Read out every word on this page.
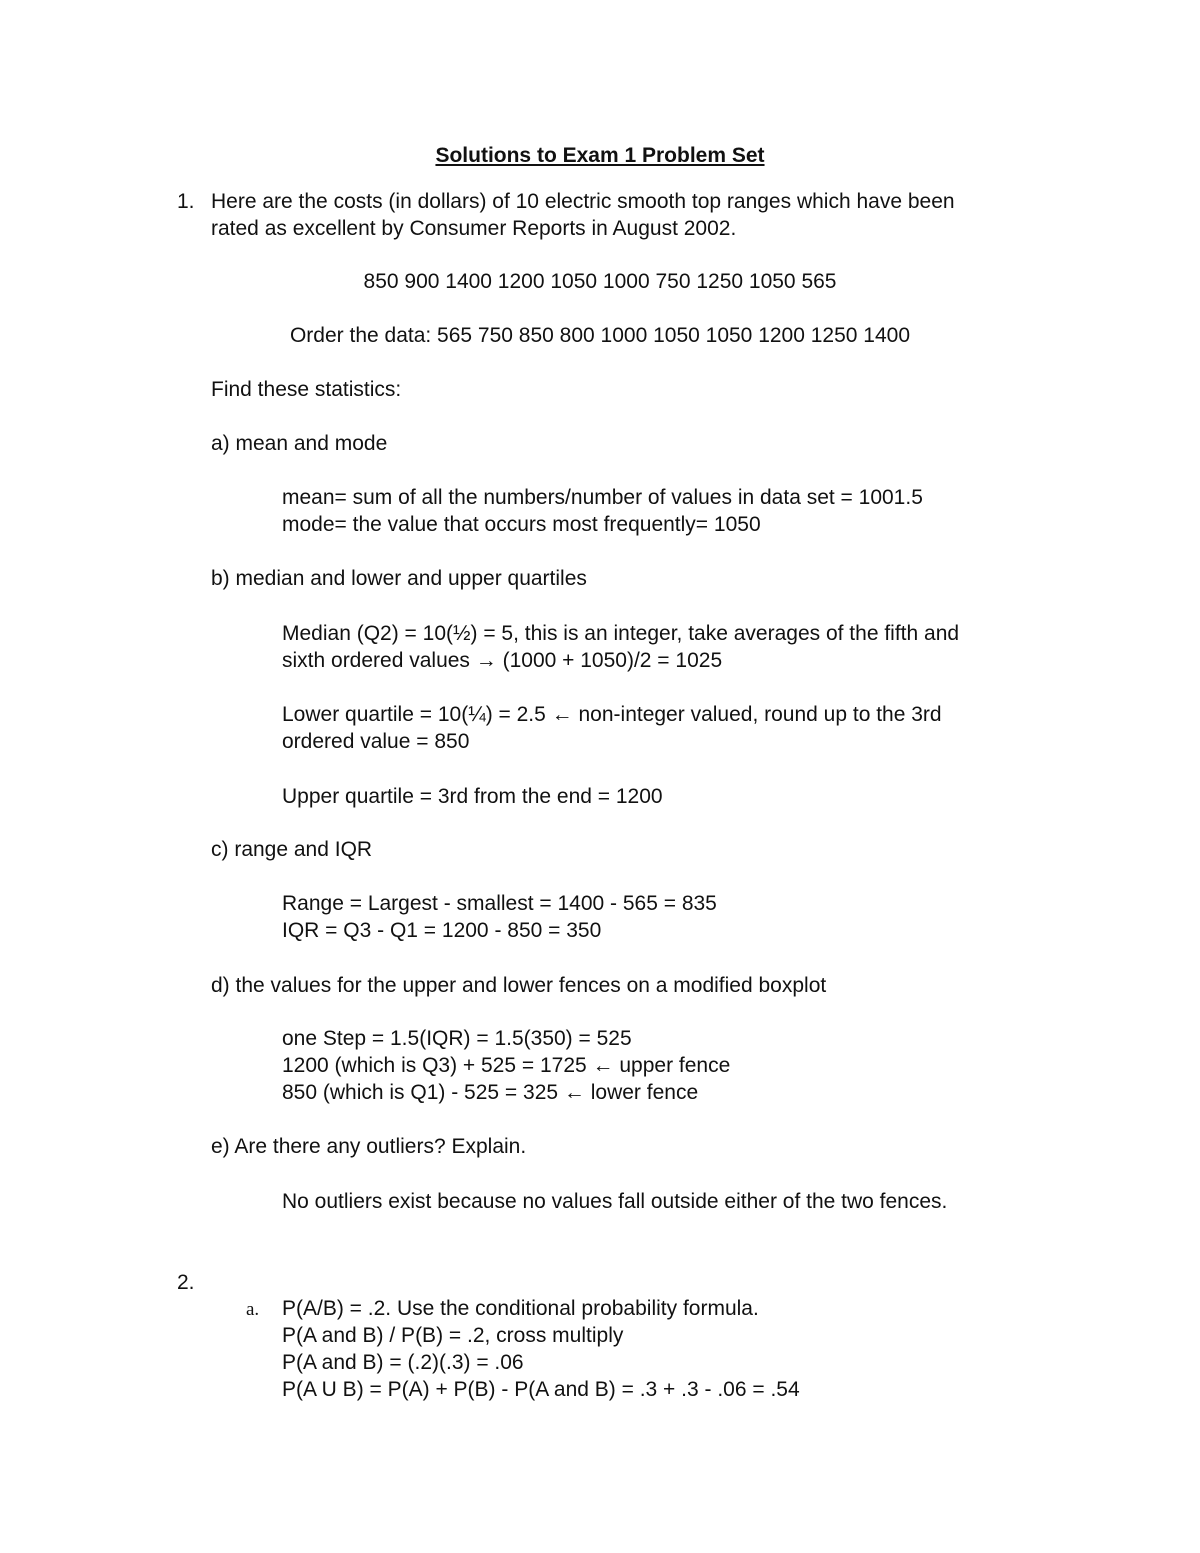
Solutions to Exam 1 Problem Set
1. Here are the costs (in dollars) of 10 electric smooth top ranges which have been
rated as excellent by Consumer Reports in August 2002.
850 900 1400 1200 1050 1000 750 1250 1050 565
Order the data: 565 750 850 800 1000 1050 1050 1200 1250 1400
Find these statistics:
a) mean and mode
mean= sum of all the numbers/number of values in data set = 1001.5
mode= the value that occurs most frequently= 1050
b) median and lower and upper quartiles
Median (Q2) = 10(½) = 5, this is an integer, take averages of the fifth and
sixth ordered values → (1000 + 1050)/2 = 1025
Lower quartile = 10(¼) = 2.5 ← non-integer valued, round up to the 3rd
ordered value = 850
Upper quartile = 3rd from the end = 1200
c) range and IQR
Range = Largest - smallest = 1400 - 565 = 835
IQR = Q3 - Q1 = 1200 - 850 = 350
d) the values for the upper and lower fences on a modified boxplot
one Step = 1.5(IQR) = 1.5(350) = 525
1200 (which is Q3) + 525 = 1725 ← upper fence
850 (which is Q1) - 525 = 325 ← lower fence
e) Are there any outliers? Explain.
No outliers exist because no values fall outside either of the two fences.
2.
a. P(A/B) = .2. Use the conditional probability formula.
P(A and B) / P(B) = .2, cross multiply
P(A and B) = (.2)(.3) = .06
P(A U B) = P(A) + P(B) - P(A and B) = .3 + .3 - .06 = .54
